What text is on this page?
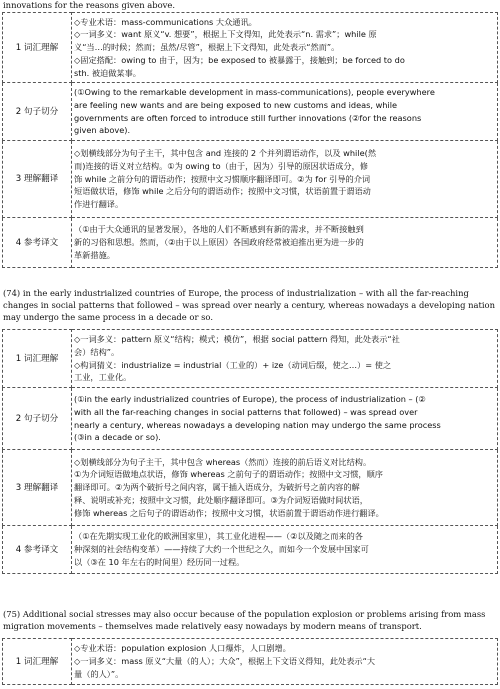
innovations for the reasons given above.
1 词汇理解	◇专业术语：mass-communications 大众通讯。
◇一词多义：want 原义“v. 想要”，根据上下文得知，此处表示“n. 需求”；while 原
义“当…的时候；然而；虽然/尽管”，根据上下文得知，此处表示“然而”。
◇固定搭配：owing to 由于，因为；be exposed to 被暴露于，接触到；be forced to do
sth. 被迫做某事。

2 句子切分	(①Owing to the remarkable development in mass-communications), people everywhere
are feeling new wants and are being exposed to new customs and ideas, while
governments are often forced to introduce still further innovations (②for the reasons
given above).

3 理解翻译	◇划横线部分为句子主干，其中包含 and 连接的 2 个并列谓语动作，以及 while(然
而)连接的语义对立结构。①为 owing to（由于，因为）引导的原因状语成分，修
饰 while 之前分句的谓语动作；按照中文习惯顺序翻译即可。②为 for 引导的介词
短语做状语，修饰 while 之后分句的谓语动作；按照中文习惯，状语前置于谓语动
作进行翻译。

4 参考译文	（①由于大众通讯的显著发展），各地的人们不断感到有新的需求，并不断接触到
新的习俗和思想。然而，（②由于以上原因）各国政府经常被迫推出更为进一步的
革新措施。
(74) in the early industrialized countries of Europe, the process of industrialization – with all the far-reaching
changes in social patterns that followed – was spread over nearly a century, whereas nowadays a developing nation
may undergo the same process in a decade or so.
1 词汇理解	◇一词多义：pattern 原义“结构；模式；模仿”，根据 social pattern 得知，此处表示“社
会）结构”。
◇构词猜义：industrialize = industrial（工业的）+ ize（动词后缀，使之…）= 使之
工业，工业化。

2 句子切分	(①in the early industrialized countries of Europe), the process of industrialization – (②
with all the far-reaching changes in social patterns that followed) – was spread over
nearly a century, whereas nowadays a developing nation may undergo the same process
(③in a decade or so).

3 理解翻译	◇划横线部分为句子主干，其中包含 whereas（然而）连接的前后语义对比结构。
①为介词短语做地点状语，修饰 whereas 之前句子的谓语动作；按照中文习惯，顺序
翻译即可。②为两个破折号之间内容，属于插入语成分，为破折号之前内容的解
释、说明或补充；按照中文习惯，此处顺序翻译即可。③为介词短语做时间状语，
修饰 whereas 之后句子的谓语动作；按照中文习惯，状语前置于谓语动作进行翻译。

4 参考译文	（①在先期实现工业化的欧洲国家里），其工业化进程——（②以及随之而来的各
种深刻的社会结构变革）——持续了大约一个世纪之久，而如今一个发展中国家可
以（③在 10 年左右的时间里）经历同一过程。
(75) Additional social stresses may also occur because of the population explosion or problems arising from mass
migration movements – themselves made relatively easy nowadays by modern means of transport.
1 词汇理解	
◇专业术语：population explosion 人口爆炸，人口剧增。
◇一词多义：mass 原义“大量（的人）；大众”，根据上下文语义得知，此处表示“大
量（的人）”。
